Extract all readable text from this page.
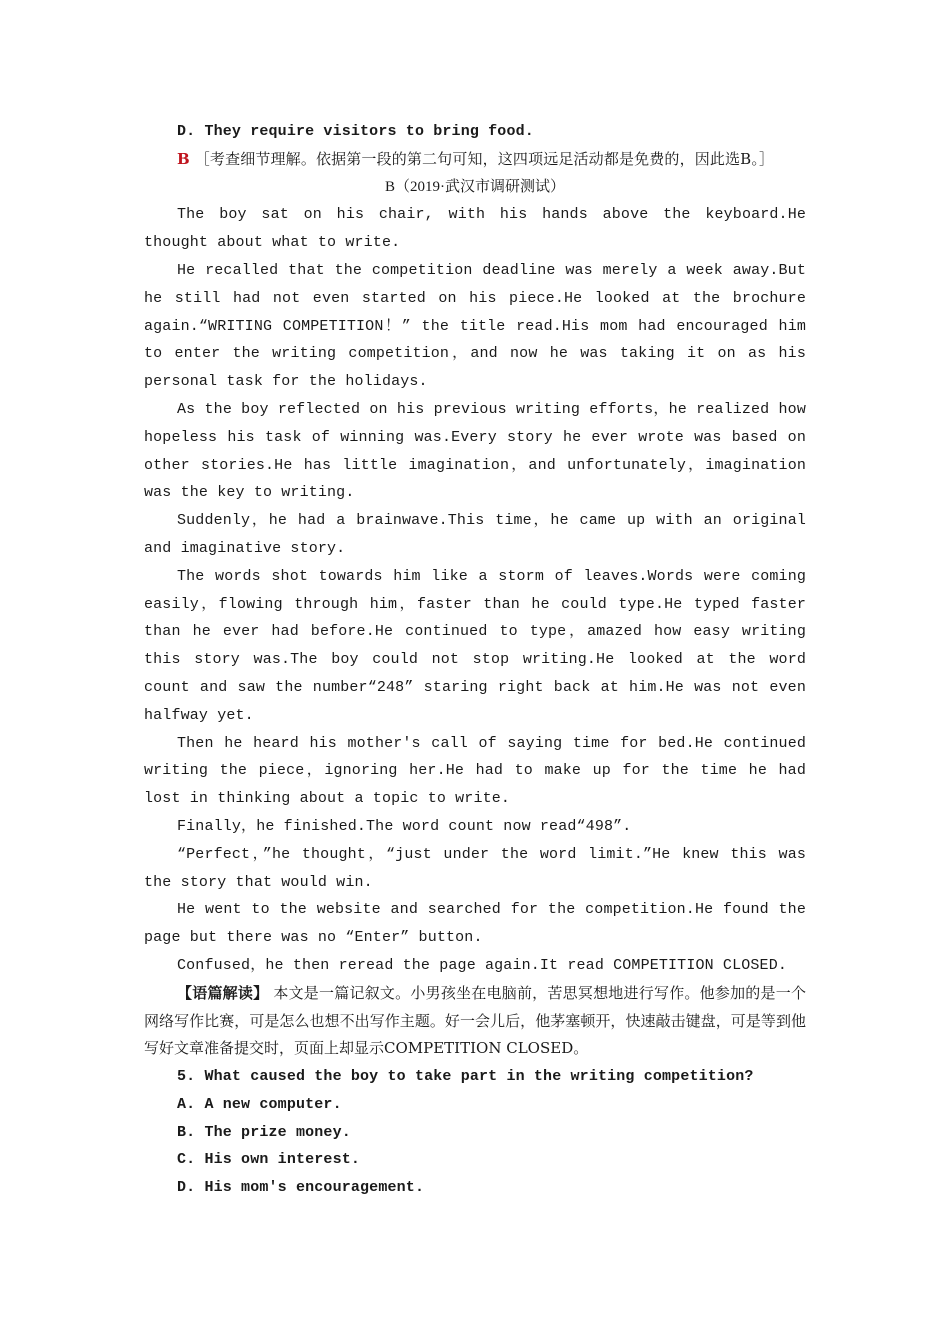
D. They require visitors to bring food.

B ［考查细节理解。依据第一段的第二句可知，这四项远足活动都是免费的，因此选B。］

B（2019·武汉市调研测试）

The boy sat on his chair, with his hands above the keyboard.He thought about what to write.

He recalled that the competition deadline was merely a week away.But he still had not even started on his piece.He looked at the brochure again.“WRITING COMPETITION！” the title read.His mom had encouraged him to enter the writing competition，and now he was taking it on as his personal task for the holidays.

As the boy reflected on his previous writing efforts，he realized how hopeless his task of winning was.Every story he ever wrote was based on other stories.He has little imagination，and unfortunately，imagination was the key to writing.

Suddenly，he had a brainwave.This time，he came up with an original and imaginative story.

The words shot towards him like a storm of leaves.Words were coming easily，flowing through him，faster than he could type.He typed faster than he ever had before.He continued to type，amazed how easy writing this story was.The boy could not stop writing.He looked at the word count and saw the number“248” staring right back at him.He was not even halfway yet.

Then he heard his mother's call of saying time for bed.He continued writing the piece，ignoring her.He had to make up for the time he had lost in thinking about a topic to write.

Finally，he finished.The word count now read“498”.

“Perfect，”he thought，“just under the word limit.”He knew this was the story that would win.

He went to the website and searched for the competition.He found the page but there was no “Enter” button.

Confused，he then reread the page again.It read COMPETITION CLOSED.

【语篇解读】 本文是一篇记叙文。小男孩坐在电脑前，苦思冥想地进行写作。他参加的是一个网络写作比赛，可是怎么也想不出写作主题。好一会儿后，他茅塞顿开，快速敲击键盘，可是等到他写好文章准备提交时，页面上却显示COMPETITION CLOSED。

5. What caused the boy to take part in the writing competition?

A. A new computer.

B. The prize money.

C. His own interest.

D. His mom's encouragement.
